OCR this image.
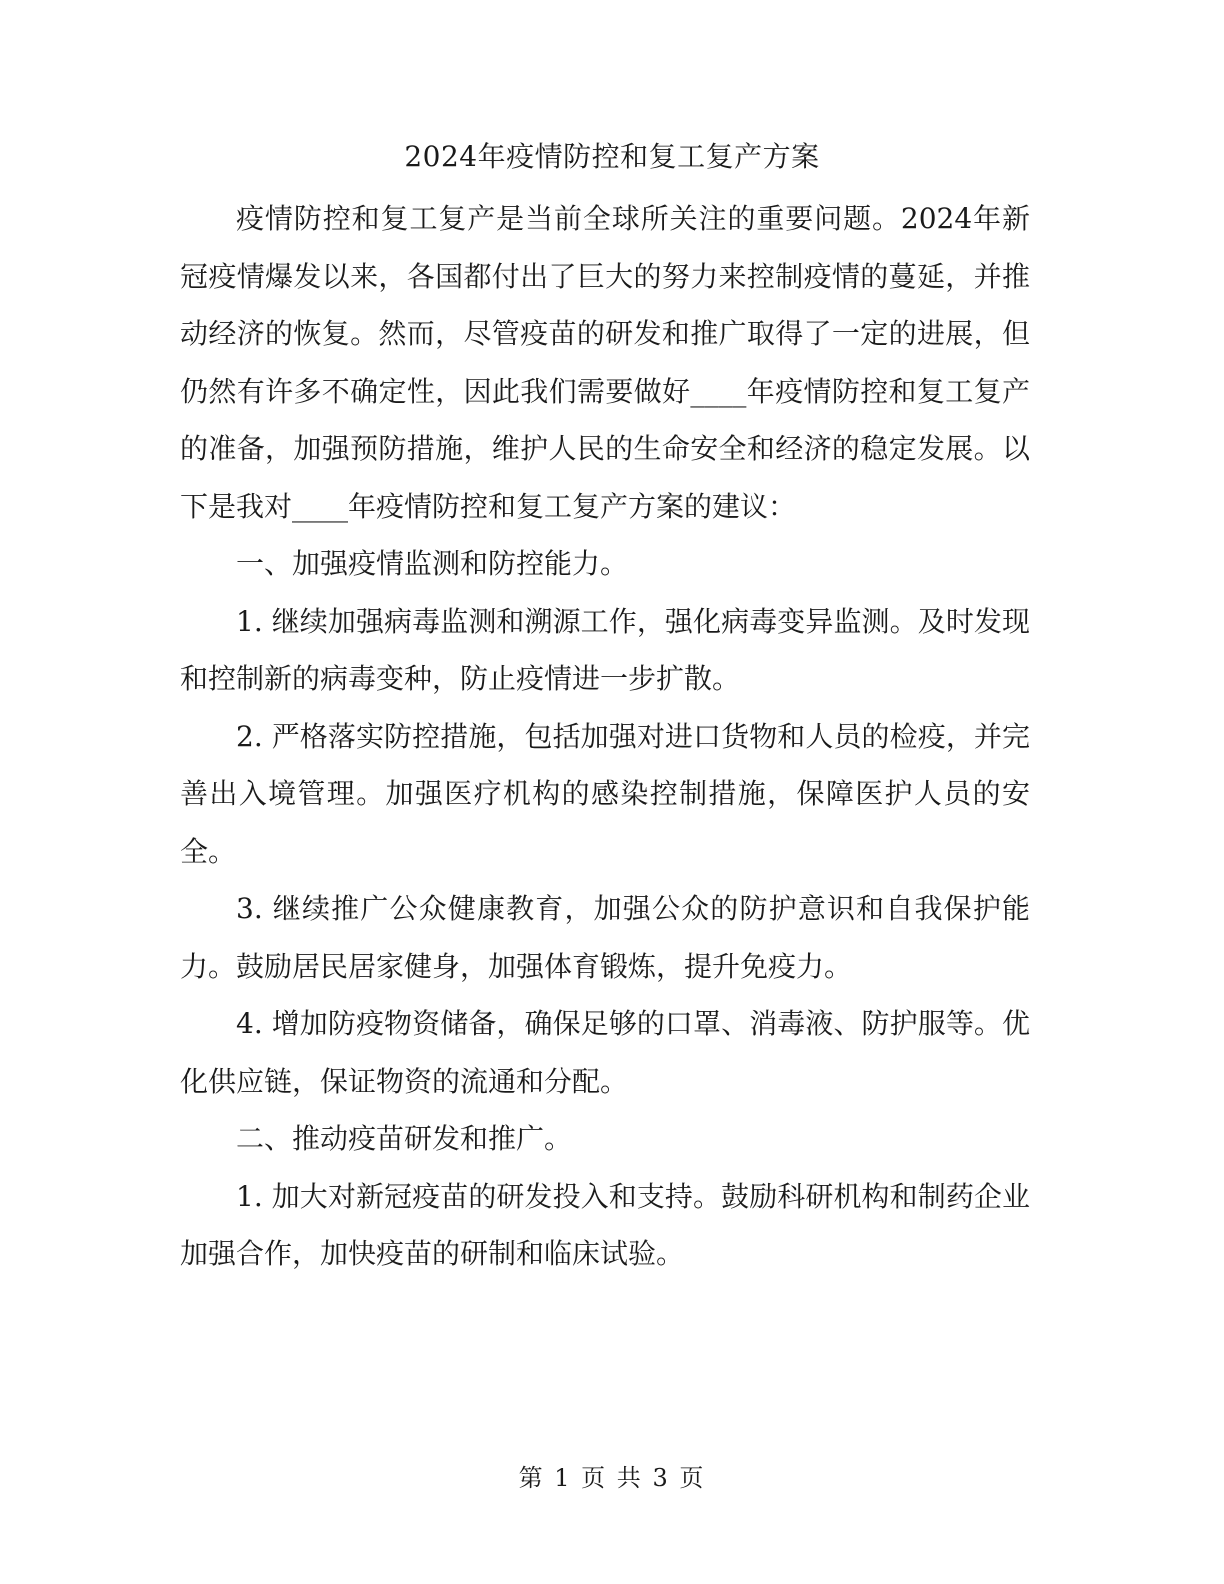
2024年疫情防控和复工复产方案

疫情防控和复工复产是当前全球所关注的重要问题。2024年新冠疫情爆发以来，各国都付出了巨大的努力来控制疫情的蔓延，并推动经济的恢复。然而，尽管疫苗的研发和推广取得了一定的进展，但仍然有许多不确定性，因此我们需要做好____年疫情防控和复工复产的准备，加强预防措施，维护人民的生命安全和经济的稳定发展。以下是我对____年疫情防控和复工复产方案的建议：

一、加强疫情监测和防控能力。

1. 继续加强病毒监测和溯源工作，强化病毒变异监测。及时发现和控制新的病毒变种，防止疫情进一步扩散。

2. 严格落实防控措施，包括加强对进口货物和人员的检疫，并完善出入境管理。加强医疗机构的感染控制措施，保障医护人员的安全。

3. 继续推广公众健康教育，加强公众的防护意识和自我保护能力。鼓励居民居家健身，加强体育锻炼，提升免疫力。

4. 增加防疫物资储备，确保足够的口罩、消毒液、防护服等。优化供应链，保证物资的流通和分配。

二、推动疫苗研发和推广。

1. 加大对新冠疫苗的研发投入和支持。鼓励科研机构和制药企业加强合作，加快疫苗的研制和临床试验。

第 1 页 共 3 页
